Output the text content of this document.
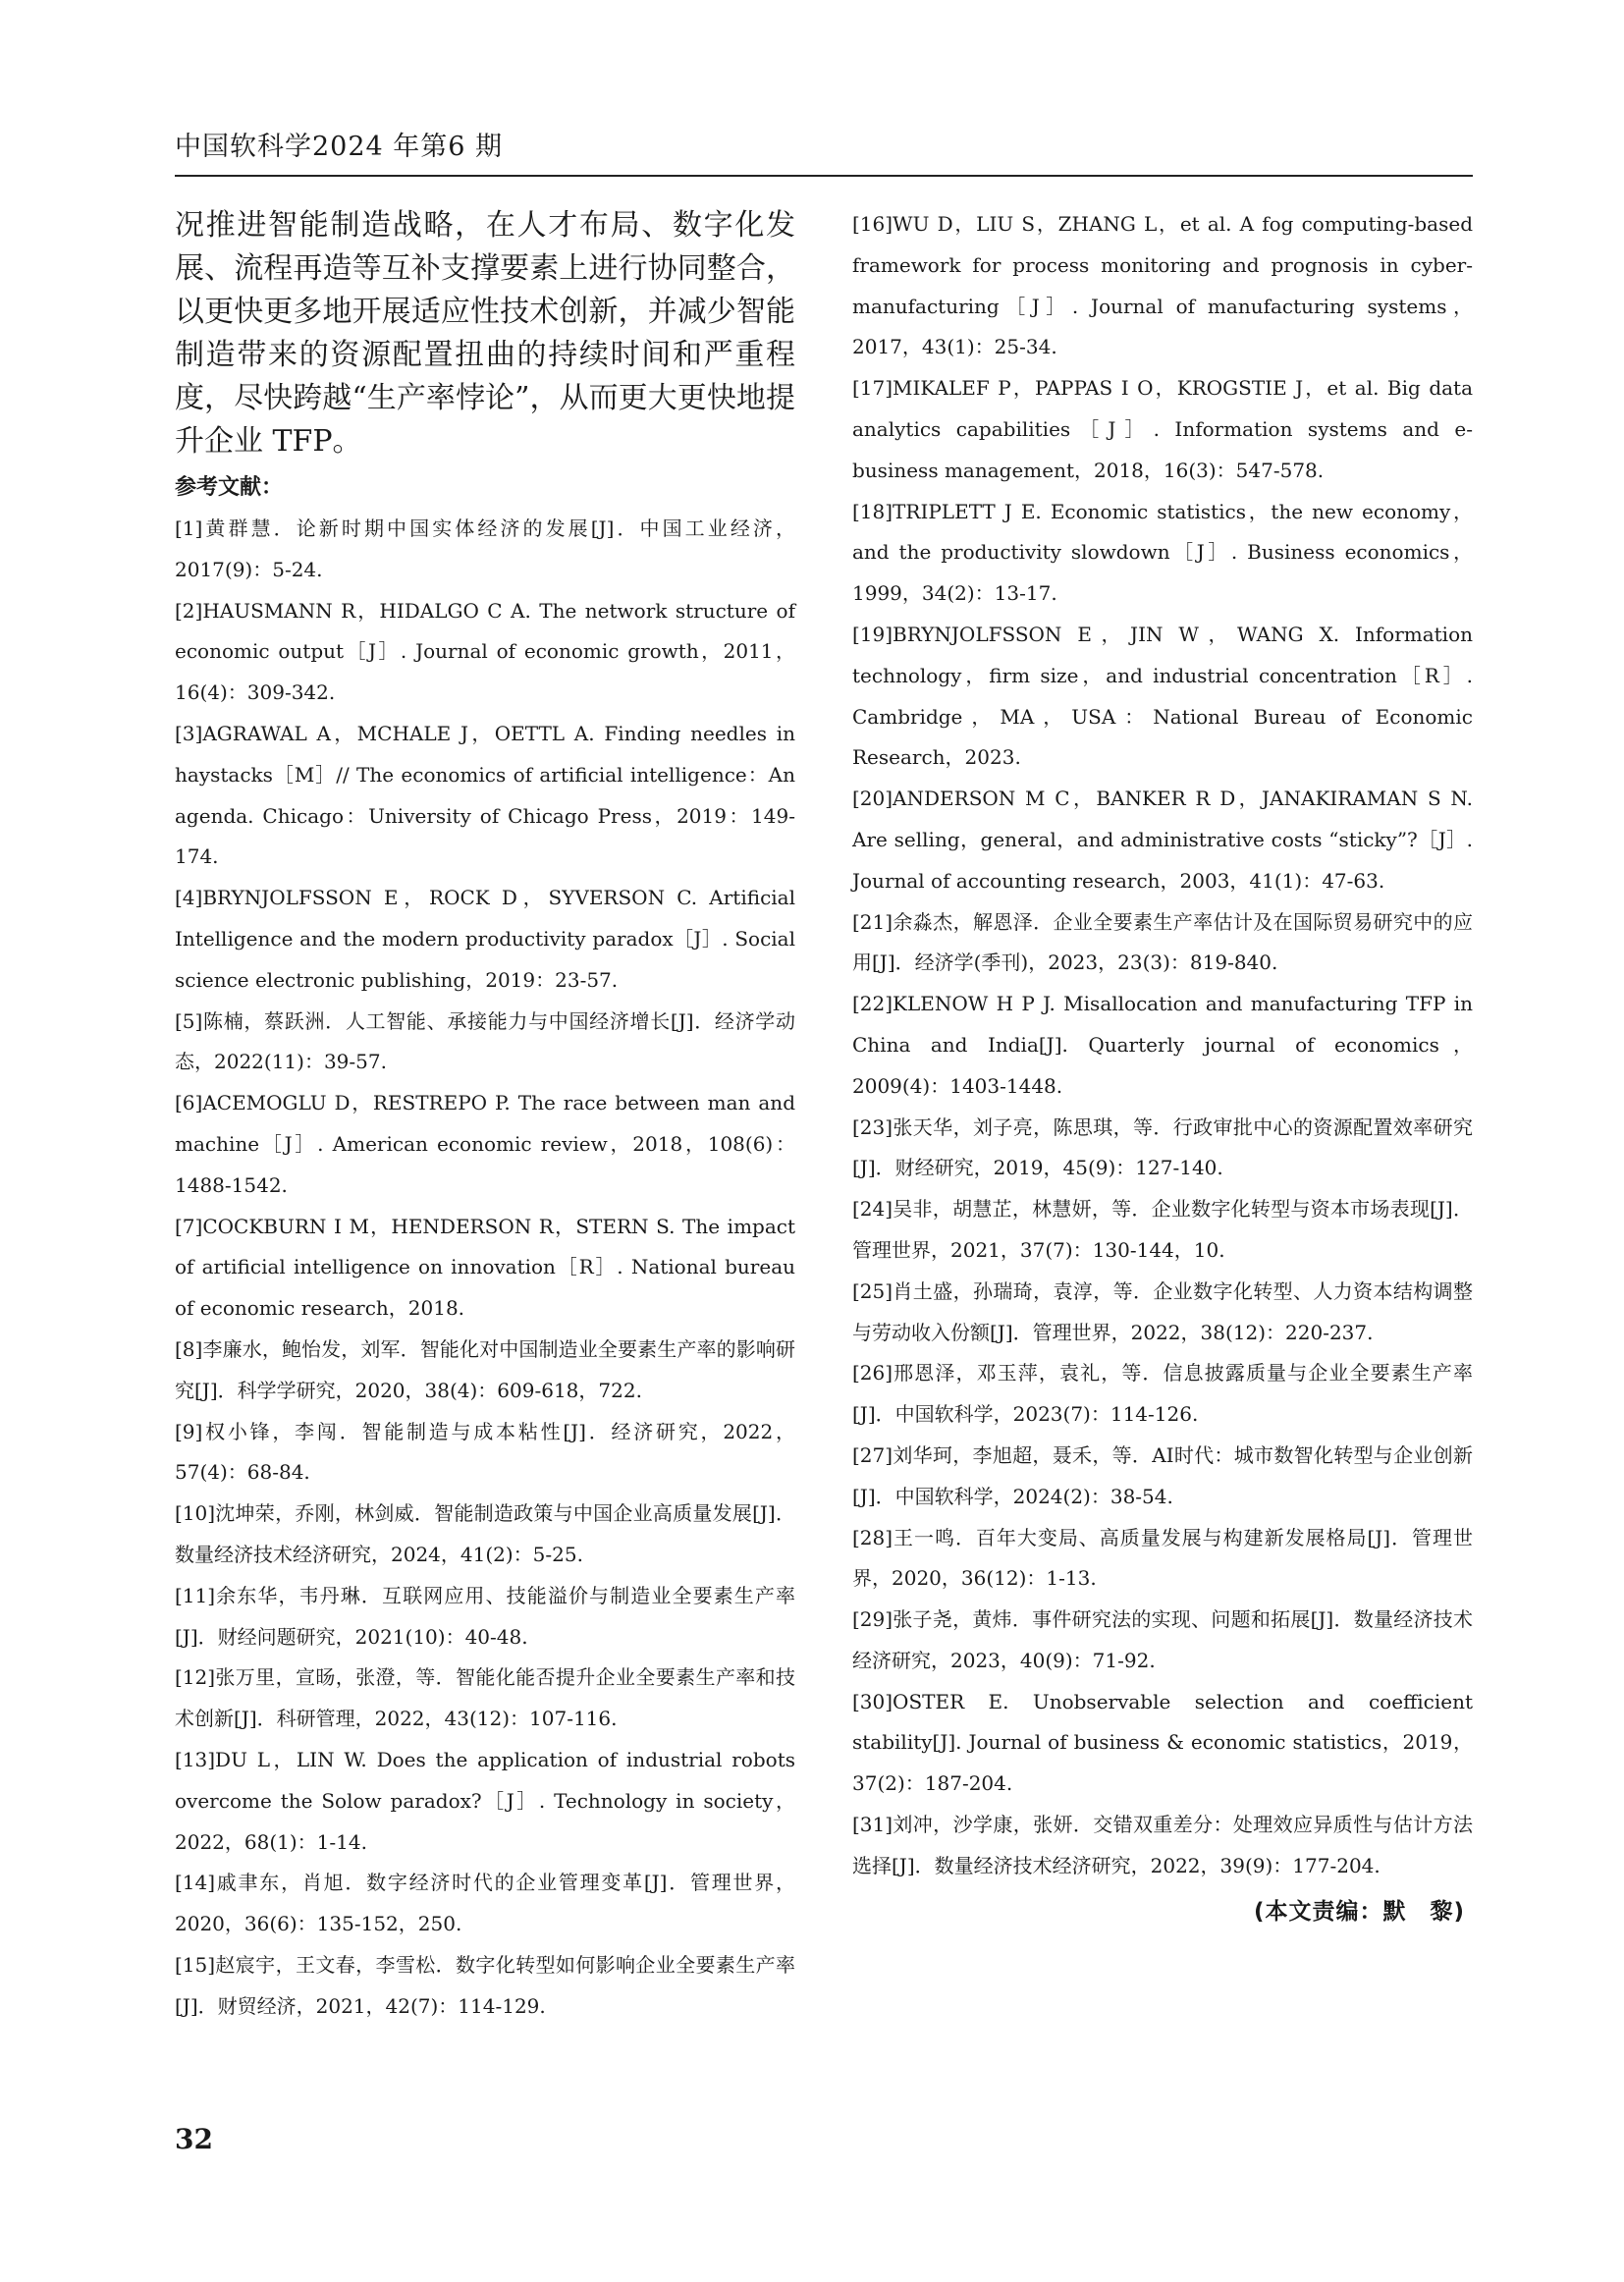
中国软科学2024 年第6 期

况推进智能制造战略，在人才布局、数字化发展、流程再造等互补支撑要素上进行协同整合，以更快更多地开展适应性技术创新，并减少智能制造带来的资源配置扭曲的持续时间和严重程度，尽快跨越“生产率悖论”，从而更大更快地提升企业 TFP。

参考文献：

[1]黄群慧．论新时期中国实体经济的发展[J]．中国工业经济，2017(9)：5-24.

[2]HAUSMANN R，HIDALGO C A. The network structure of economic output［J］. Journal of economic growth，2011，16(4)：309-342.

[3]AGRAWAL A，MCHALE J，OETTL A. Finding needles in haystacks［M］// The economics of artificial intelligence：An agenda. Chicago：University of Chicago Press，2019：149-174.

[4]BRYNJOLFSSON E，ROCK D，SYVERSON C. Artificial Intelligence and the modern productivity paradox［J］. Social science electronic publishing，2019：23-57.

[5]陈楠，蔡跃洲．人工智能、承接能力与中国经济增长[J]．经济学动态，2022(11)：39-57.

[6]ACEMOGLU D，RESTREPO P. The race between man and machine［J］. American economic review，2018，108(6)：1488-1542.

[7]COCKBURN I M，HENDERSON R，STERN S. The impact of artificial intelligence on innovation［R］. National bureau of economic research，2018.

[8]李廉水，鲍怡发，刘军．智能化对中国制造业全要素生产率的影响研究[J]．科学学研究，2020，38(4)：609-618，722.

[9]权小锋，李闯．智能制造与成本粘性[J]．经济研究，2022，57(4)：68-84.

[10]沈坤荣，乔刚，林剑威．智能制造政策与中国企业高质量发展[J]．数量经济技术经济研究，2024，41(2)：5-25.

[11]余东华，韦丹琳．互联网应用、技能溢价与制造业全要素生产率[J]．财经问题研究，2021(10)：40-48.

[12]张万里，宣旸，张澄，等．智能化能否提升企业全要素生产率和技术创新[J]．科研管理，2022，43(12)：107-116.

[13]DU L，LIN W. Does the application of industrial robots overcome the Solow paradox?［J］. Technology in society，2022，68(1)：1-14.

[14]戚聿东，肖旭．数字经济时代的企业管理变革[J]．管理世界，2020，36(6)：135-152，250.

[15]赵宸宇，王文春，李雪松．数字化转型如何影响企业全要素生产率[J]．财贸经济，2021，42(7)：114-129.

[16]WU D，LIU S，ZHANG L，et al. A fog computing-based framework for process monitoring and prognosis in cyber-manufacturing［J］. Journal of manufacturing systems，2017，43(1)：25-34.

[17]MIKALEF P，PAPPAS I O，KROGSTIE J，et al. Big data analytics capabilities［J］. Information systems and e-business management，2018，16(3)：547-578.

[18]TRIPLETT J E. Economic statistics，the new economy，and the productivity slowdown［J］. Business economics，1999，34(2)：13-17.

[19]BRYNJOLFSSON E，JIN W，WANG X. Information technology，firm size，and industrial concentration［R］. Cambridge，MA，USA：National Bureau of Economic Research，2023.

[20]ANDERSON M C，BANKER R D，JANAKIRAMAN S N. Are selling，general，and administrative costs “sticky”?［J］. Journal of accounting research，2003，41(1)：47-63.

[21]余淼杰，解恩泽．企业全要素生产率估计及在国际贸易研究中的应用[J]．经济学(季刊)，2023，23(3)：819-840.

[22]KLENOW H P J. Misallocation and manufacturing TFP in China and India[J]. Quarterly journal of economics，2009(4)：1403-1448.

[23]张天华，刘子亮，陈思琪，等．行政审批中心的资源配置效率研究[J]．财经研究，2019，45(9)：127-140.

[24]吴非，胡慧芷，林慧妍，等．企业数字化转型与资本市场表现[J]．管理世界，2021，37(7)：130-144，10.

[25]肖土盛，孙瑞琦，袁淳，等．企业数字化转型、人力资本结构调整与劳动收入份额[J]．管理世界，2022，38(12)：220-237.

[26]邢恩泽，邓玉萍，袁礼，等．信息披露质量与企业全要素生产率[J]．中国软科学，2023(7)：114-126.

[27]刘华珂，李旭超，聂禾，等．AI时代：城市数智化转型与企业创新[J]．中国软科学，2024(2)：38-54.

[28]王一鸣．百年大变局、高质量发展与构建新发展格局[J]．管理世界，2020，36(12)：1-13.

[29]张子尧，黄炜．事件研究法的实现、问题和拓展[J]．数量经济技术经济研究，2023，40(9)：71-92.

[30]OSTER E. Unobservable selection and coefficient stability[J]. Journal of business & economic statistics，2019，37(2)：187-204.

[31]刘冲，沙学康，张妍．交错双重差分：处理效应异质性与估计方法选择[J]．数量经济技术经济研究，2022，39(9)：177-204.

(本文责编：默　黎)
32
